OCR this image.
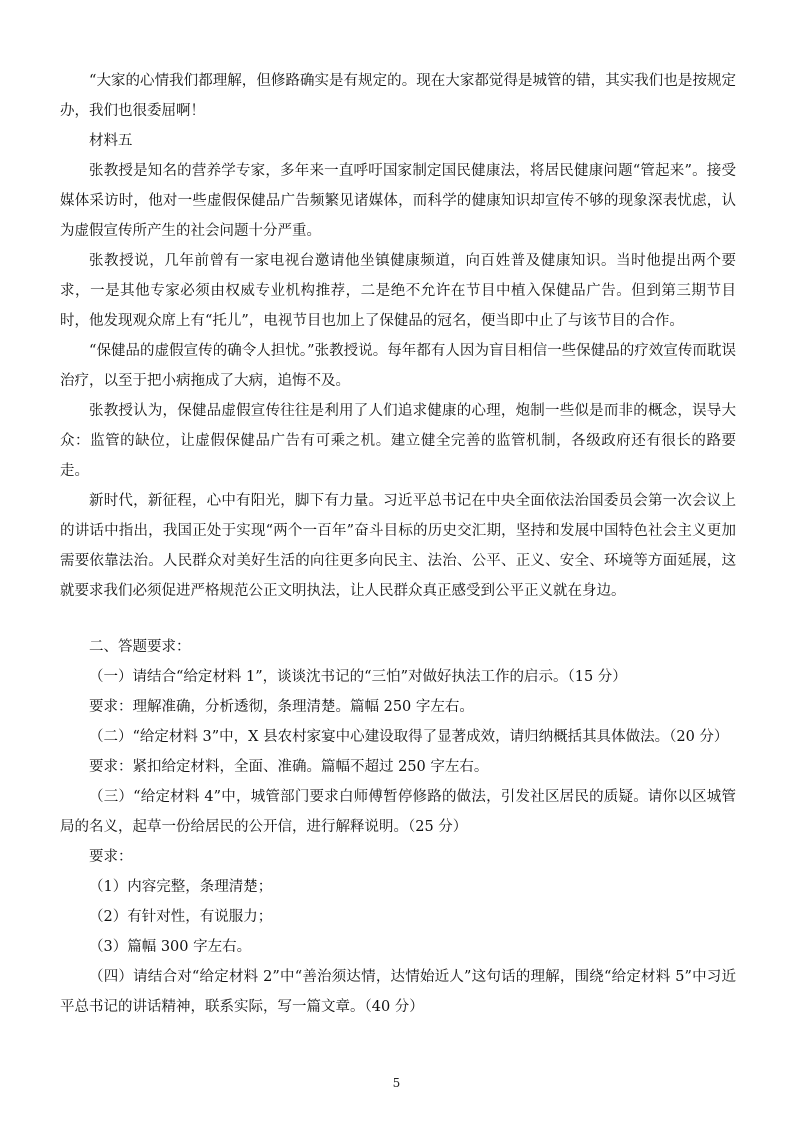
“大家的心情我们都理解，但修路确实是有规定的。现在大家都觉得是城管的错，其实我们也是按规定办，我们也很委屈啊！

材料五

张教授是知名的营养学专家，多年来一直呼吁国家制定国民健康法，将居民健康问题“管起来”。接受媒体采访时，他对一些虚假保健品广告频繁见诸媒体，而科学的健康知识却宣传不够的现象深表忧虑，认为虚假宣传所产生的社会问题十分严重。

张教授说，几年前曾有一家电视台邀请他坐镇健康频道，向百姓普及健康知识。当时他提出两个要求，一是其他专家必须由权威专业机构推荐，二是绝不允许在节目中植入保健品广告。但到第三期节目时，他发现观众席上有“托儿”，电视节目也加上了保健品的冠名，便当即中止了与该节目的合作。

“保健品的虚假宣传的确令人担忧。”张教授说。每年都有人因为盲目相信一些保健品的疗效宣传而耽误治疗，以至于把小病拖成了大病，追悔不及。

张教授认为，保健品虚假宣传往往是利用了人们追求健康的心理，炮制一些似是而非的概念，误导大众：监管的缺位，让虚假保健品广告有可乘之机。建立健全完善的监管机制，各级政府还有很长的路要走。

新时代，新征程，心中有阳光，脚下有力量。习近平总书记在中央全面依法治国委员会第一次会议上的讲话中指出，我国正处于实现“两个一百年”奋斗目标的历史交汇期，坚持和发展中国特色社会主义更加需要依靠法治。人民群众对美好生活的向往更多向民主、法治、公平、正义、安全、环境等方面延展，这就要求我们必须促进严格规范公正文明执法，让人民群众真正感受到公平正义就在身边。

二、答题要求：

（一）请结合“给定材料 1”，谈谈沈书记的“三怕”对做好执法工作的启示。（15 分）

要求：理解准确，分析透彻，条理清楚。篇幅 250 字左右。

（二）“给定材料 3”中，X 县农村家宴中心建设取得了显著成效，请归纳概括其具体做法。（20 分）

要求：紧扣给定材料，全面、准确。篇幅不超过 250 字左右。

（三）“给定材料 4”中，城管部门要求白师傅暂停修路的做法，引发社区居民的质疑。请你以区城管局的名义，起草一份给居民的公开信，进行解释说明。（25 分）

要求：

（1）内容完整，条理清楚；

（2）有针对性，有说服力；

（3）篇幅 300 字左右。

（四）请结合对“给定材料 2”中“善治须达情，达情始近人”这句话的理解，围绕“给定材料 5”中习近平总书记的讲话精神，联系实际，写一篇文章。（40 分）

5
